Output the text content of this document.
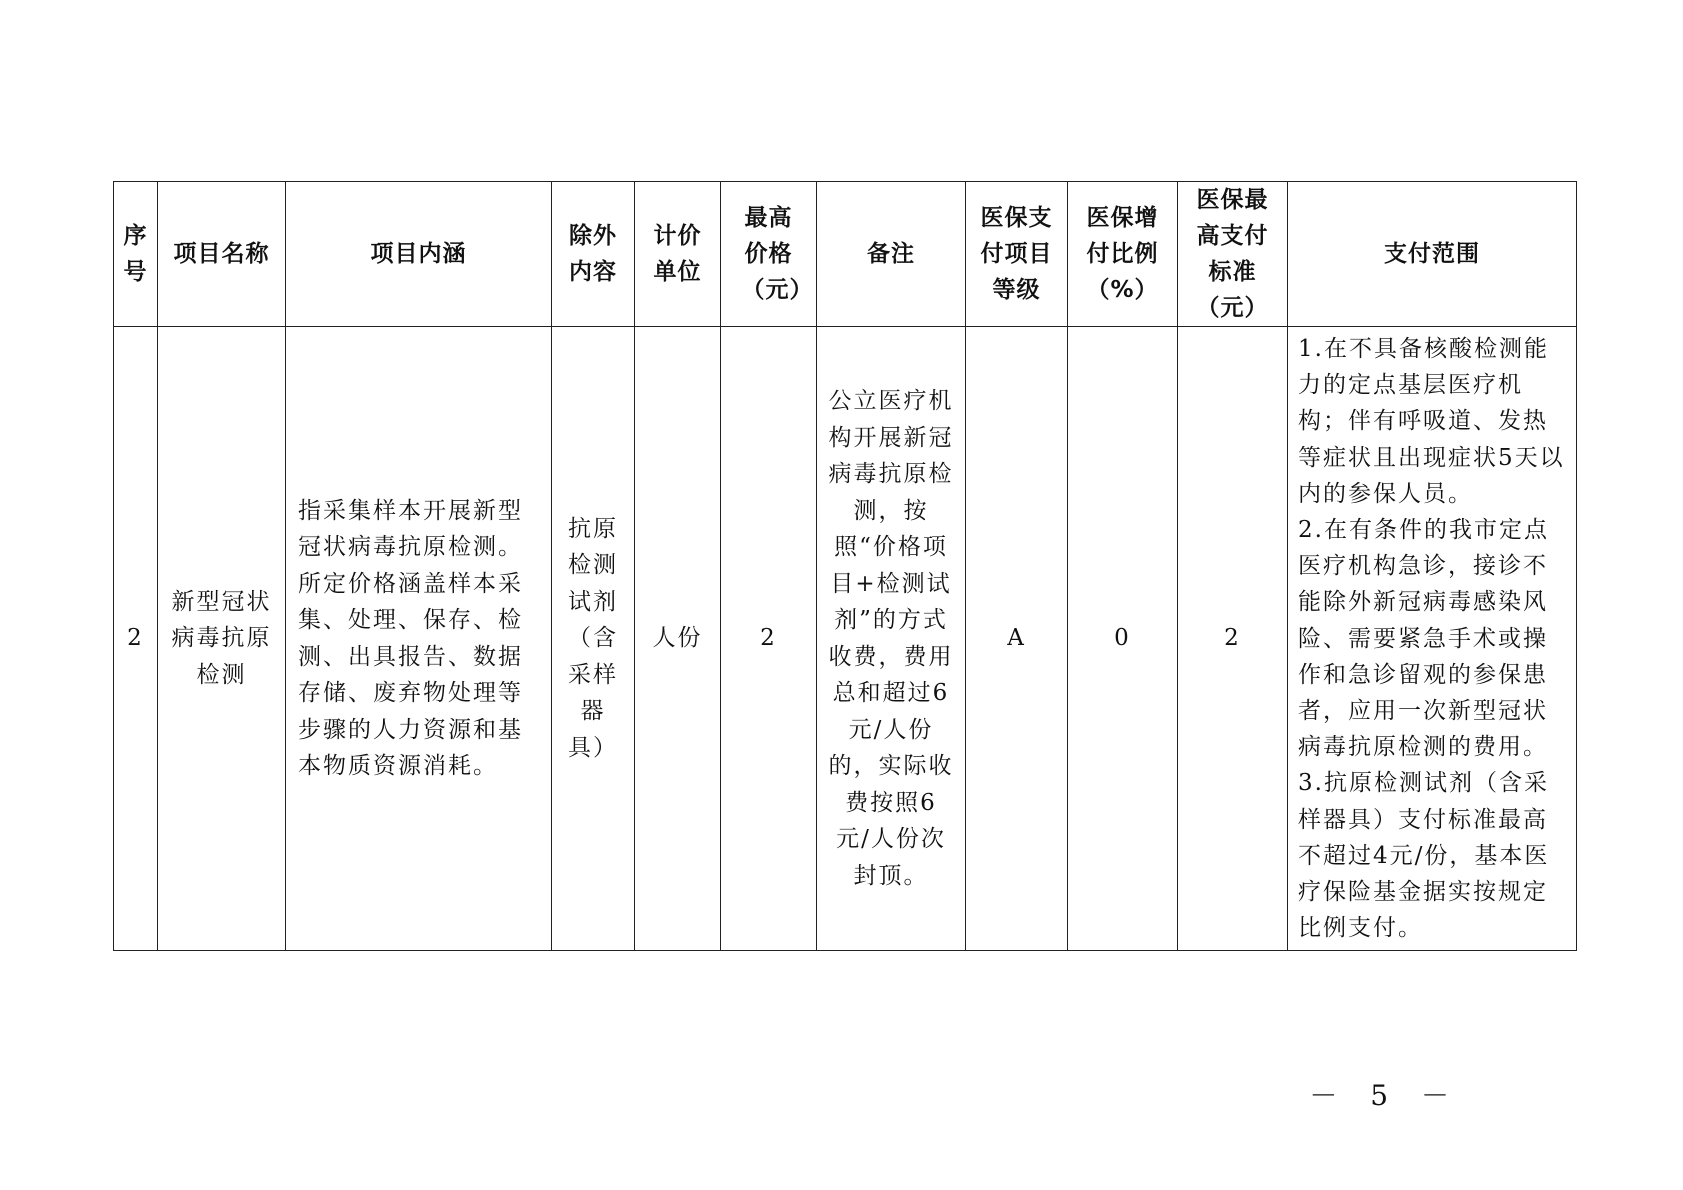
序号	项目名称	项目内涵	除外内容	计价单位	最高价格（元）	备注	医保支付项目等级	医保增付比例（%）	医保最高支付标准（元）	支付范围
2	新型冠状病毒抗原检测	指采集样本开展新型冠状病毒抗原检测。所定价格涵盖样本采集、处理、保存、检测、出具报告、数据存储、废弃物处理等步骤的人力资源和基本物质资源消耗。	抗原检测试剂（含采样器具）	人份	2	公立医疗机构开展新冠病毒抗原检测，按照“价格项目+检测试剂”的方式收费，费用总和超过6元/人份的，实际收费按照6元/人份次封顶。	A	0	2	1.在不具备核酸检测能力的定点基层医疗机构；伴有呼吸道、发热等症状且出现症状5天以内的参保人员。
2.在有条件的我市定点医疗机构急诊，接诊不能除外新冠病毒感染风险、需要紧急手术或操作和急诊留观的参保患者，应用一次新型冠状病毒抗原检测的费用。
3.抗原检测试剂（含采样器具）支付标准最高不超过4元/份，基本医疗保险基金据实按规定比例支付。
－ 5 －
